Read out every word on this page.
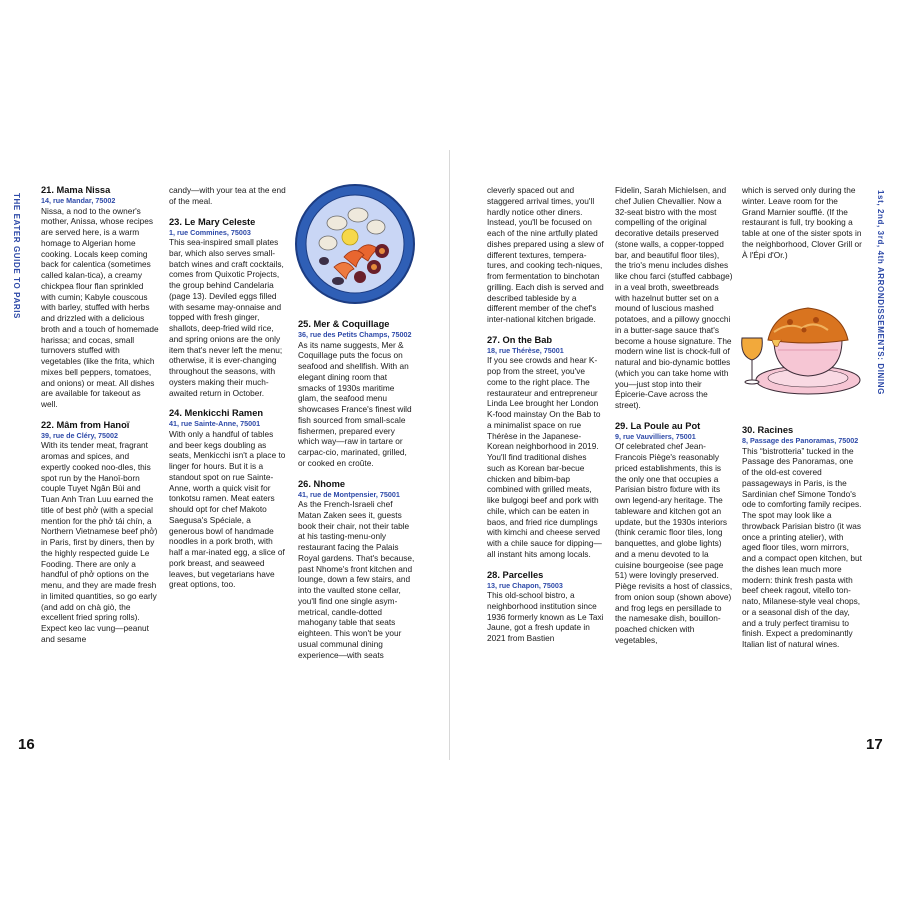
THE EATER GUIDE TO PARIS
21. Mama Nissa
14, rue Mandar, 75002
Nissa, a nod to the owner's mother, Anissa, whose recipes are served here, is a warm homage to Algerian home cooking. Locals keep coming back for calentica (sometimes called kalan-tica), a creamy chickpea flour flan sprinkled with cumin; Kabyle couscous with barley, stuffed with herbs and drizzled with a delicious broth and a touch of homemade harissa; and cocas, small turnovers stuffed with vegetables (like the frita, which mixes bell peppers, tomatoes, and onions) or meat. All dishes are available for takeout as well.
22. Mâm from Hanoï
39, rue de Cléry, 75002
With its tender meat, fragrant aromas and spices, and expertly cooked noo-dles, this spot run by the Hanoï-born couple Tuyet Ngân Bùi and Tuan Anh Tran Luu earned the title of best phở (with a special mention for the phở tái chín, a Northern Vietnamese beef phở) in Paris, first by diners, then by the highly respected guide Le Fooding. There are only a handful of phở options on the menu, and they are made fresh in limited quantities, so go early (and add on chà giò, the excellent fried spring rolls). Expect keo lac vung—peanut and sesame
candy—with your tea at the end of the meal.
23. Le Mary Celeste
1, rue Commines, 75003
This sea-inspired small plates bar, which also serves small-batch wines and craft cocktails, comes from Quixotic Projects, the group behind Candelaria (page 13). Deviled eggs filled with sesame may-onnaise and topped with fresh ginger, shallots, deep-fried wild rice, and spring onions are the only item that's never left the menu; otherwise, it is ever-changing throughout the seasons, with oysters making their much-awaited return in October.
24. Menkicchi Ramen
41, rue Sainte-Anne, 75001
With only a handful of tables and beer kegs doubling as seats, Menkicchi isn't a place to linger for hours. But it is a standout spot on rue Sainte-Anne, worth a quick visit for tonkotsu ramen. Meat eaters should opt for chef Makoto Saegusa's Spéciale, a generous bowl of handmade noodles in a pork broth, with half a mar-inated egg, a slice of pork breast, and seaweed leaves, but vegetarians have great options, too.
25. Mer & Coquillage
36, rue des Petits Champs, 75002
As its name suggests, Mer & Coquillage puts the focus on seafood and shellfish. With an elegant dining room that smacks of 1930s maritime glam, the seafood menu showcases France's finest wild fish sourced from small-scale fishermen, prepared every which way—raw in tartare or carpac-cio, marinated, grilled, or cooked en croûte.
26. Nhome
41, rue de Montpensier, 75001
As the French-Israeli chef Matan Zaken sees it, guests book their chair, not their table at his tasting-menu-only restaurant facing the Palais Royal gardens. That's because, past Nhome's front kitchen and lounge, down a few stairs, and into the vaulted stone cellar, you'll find one single asym-metrical, candle-dotted mahogany table that seats eighteen. This won't be your usual communal dining experience—with seats
16
1st, 2nd, 3rd, 4th ARRONDISSEMENTS: DINING
cleverly spaced out and staggered arrival times, you'll hardly notice other diners. Instead, you'll be focused on each of the nine artfully plated dishes prepared using a slew of different textures, tempera-tures, and cooking tech-niques, from fermentation to binchotan grilling. Each dish is served and described tableside by a different member of the chef's inter-national kitchen brigade.
27. On the Bab
18, rue Thérèse, 75001
If you see crowds and hear K-pop from the street, you've come to the right place. The restaurateur and entrepreneur Linda Lee brought her London K-food mainstay On the Bab to a minimalist space on rue Thérèse in the Japanese-Korean neighborhood in 2019. You'll find traditional dishes such as Korean bar-becue chicken and bibim-bap combined with grilled meats, like bulgogi beef and pork with chile, which can be eaten in baos, and fried rice dumplings with kimchi and cheese served with a chile sauce for dipping—all instant hits among locals.
28. Parcelles
13, rue Chapon, 75003
This old-school bistro, a neighborhood institution since 1936 formerly known as Le Taxi Jaune, got a fresh update in 2021 from Bastien
Fidelin, Sarah Michielsen, and chef Julien Chevallier. Now a 32-seat bistro with the most compelling of the original decorative details preserved (stone walls, a copper-topped bar, and beautiful floor tiles), the trio's menu includes dishes like chou farci (stuffed cabbage) in a veal broth, sweetbreads with hazelnut butter set on a mound of luscious mashed potatoes, and a pillowy gnocchi in a butter-sage sauce that's become a house signature. The modern wine list is chock-full of natural and bio-dynamic bottles (which you can take home with you—just stop into their Épicerie-Cave across the street).
29. La Poule au Pot
9, rue Vauvilliers, 75001
Of celebrated chef Jean-Francois Piège's reasonably priced establishments, this is the only one that occupies a Parisian bistro fixture with its own legend-ary heritage. The tableware and kitchen got an update, but the 1930s interiors (think ceramic floor tiles, long banquettes, and globe lights) and a menu devoted to la cuisine bourgeoise (see page 51) were lovingly preserved. Piège revisits a host of classics, from onion soup (shown above) and frog legs en persillade to the namesake dish, bouillon-poached chicken with vegetables,
which is served only during the winter. Leave room for the Grand Marnier soufflé. (If the restaurant is full, try booking a table at one of the sister spots in the neighborhood, Clover Grill or À l'Épi d'Or.)
30. Racines
8, Passage des Panoramas, 75002
This “bistrotteria” tucked in the Passage des Panoramas, one of the old-est covered passageways in Paris, is the Sardinian chef Simone Tondo's ode to comforting family recipes. The spot may look like a throwback Parisian bistro (it was once a printing atelier), with aged floor tiles, worn mirrors, and a compact open kitchen, but the dishes lean much more modern: think fresh pasta with beef cheek ragout, vitello ton-nato, Milanese-style veal chops, or a seasonal dish of the day, and a truly perfect tiramisu to finish. Expect a predominantly Italian list of natural wines.
17
